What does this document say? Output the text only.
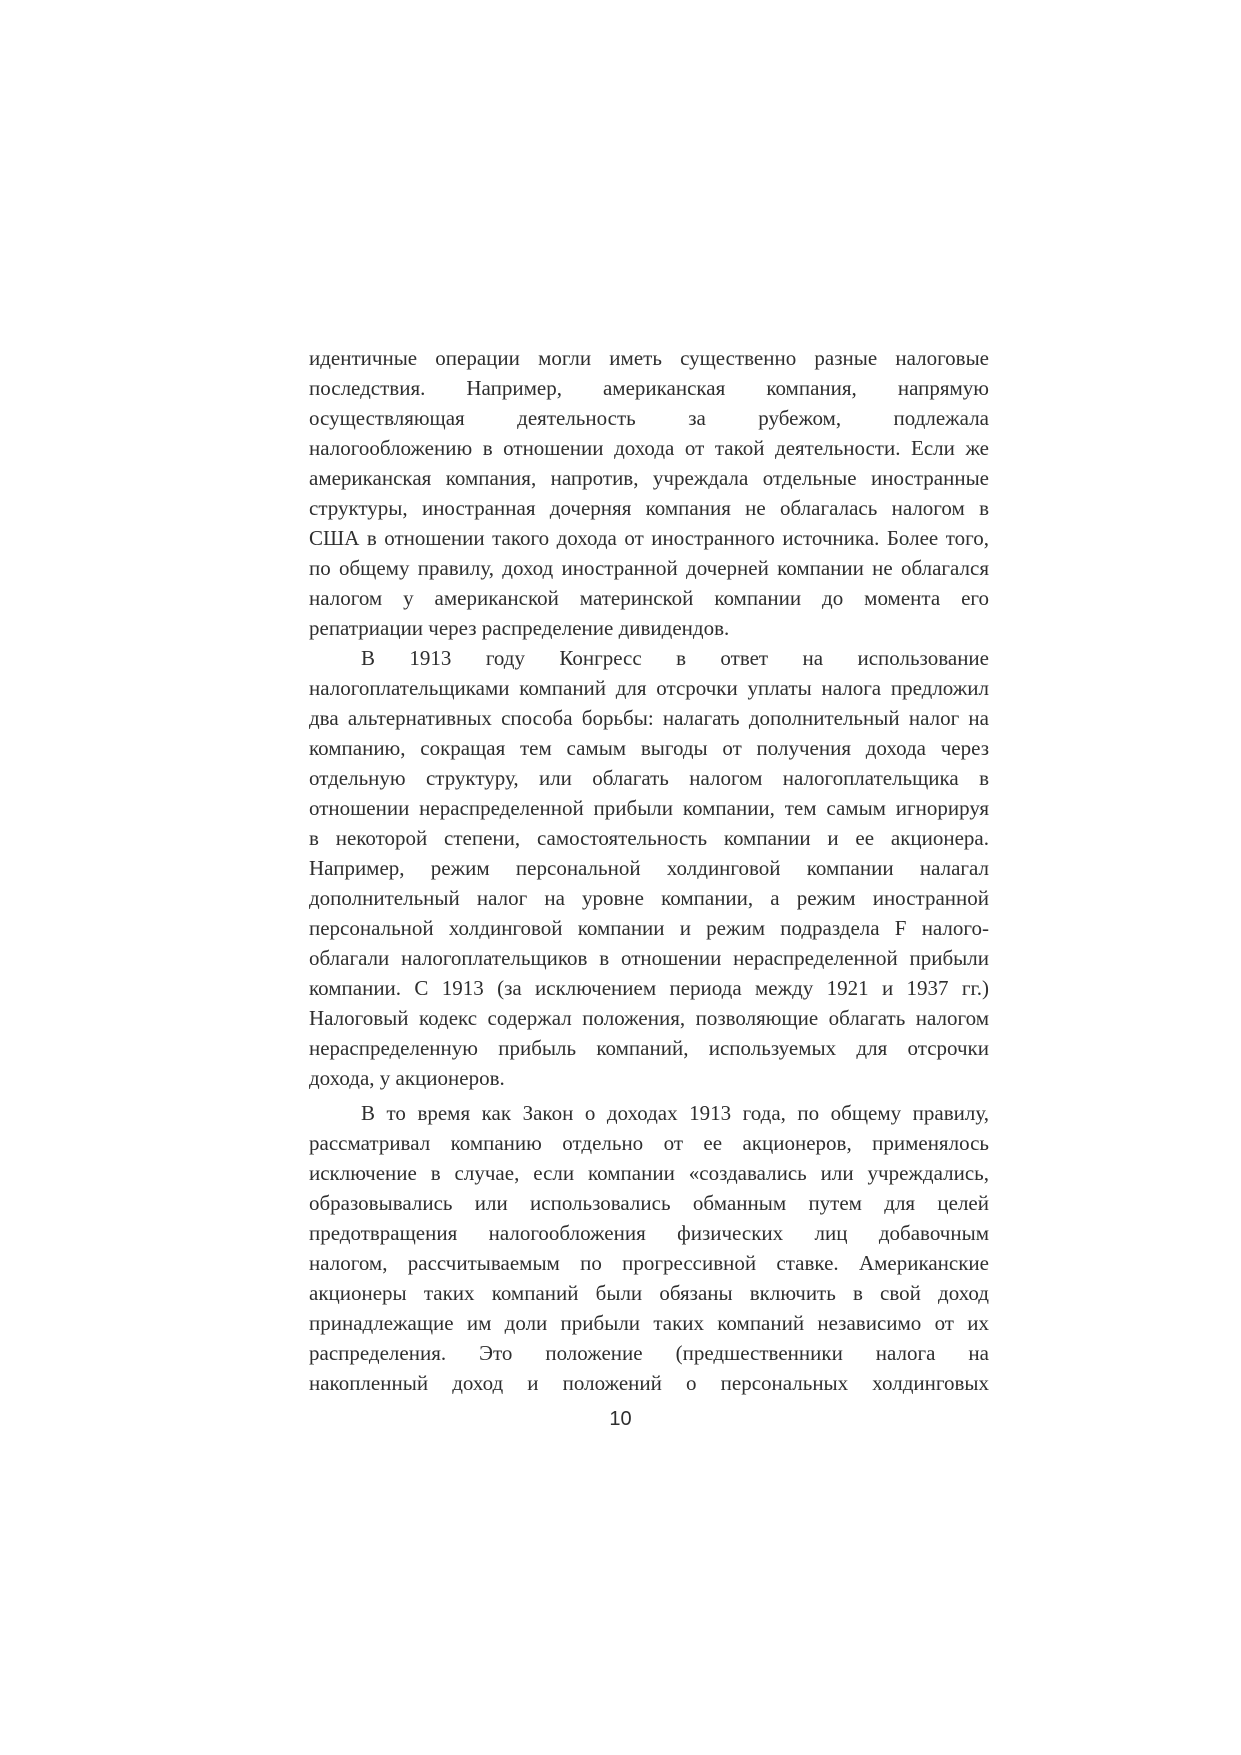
идентичные операции могли иметь существенно разные налоговые
последствия. Например, американская компания, напрямую
осуществляющая деятельность за рубежом, подлежала
налогообложению в отношении дохода от такой деятельности. Если же
американская компания, напротив, учреждала отдельные иностранные
структуры, иностранная дочерняя компания не облагалась налогом в
США в отношении такого дохода от иностранного источника. Более того,
по общему правилу, доход иностранной дочерней компании не облагался
налогом у американской материнской компании до момента его
репатриации через распределение дивидендов.
В 1913 году Конгресс в ответ на использование
налогоплательщиками компаний для отсрочки уплаты налога предложил
два альтернативных способа борьбы: налагать дополнительный налог на
компанию, сокращая тем самым выгоды от получения дохода через
отдельную структуру, или облагать налогом налогоплательщика в
отношении нераспределенной прибыли компании, тем самым игнорируя
в некоторой степени, самостоятельность компании и ее акционера.
Например, режим персональной холдинговой компании налагал
дополнительный налог на уровне компании, а режим иностранной
персональной холдинговой компании и режим подраздела F налого-
облагали налогоплательщиков в отношении нераспределенной прибыли
компании. С 1913 (за исключением периода между 1921 и 1937 гг.)
Налоговый кодекс содержал положения, позволяющие облагать налогом
нераспределенную прибыль компаний, используемых для отсрочки
дохода, у акционеров.
В то время как Закон о доходах 1913 года, по общему правилу,
рассматривал компанию отдельно от ее акционеров, применялось
исключение в случае, если компании «создавались или учреждались,
образовывались или использовались обманным путем для целей
предотвращения налогообложения физических лиц добавочным
налогом, рассчитываемым по прогрессивной ставке. Американские
акционеры таких компаний были обязаны включить в свой доход
принадлежащие им доли прибыли таких компаний независимо от их
распределения. Это положение (предшественники налога на
накопленный доход и положений о персональных холдинговых
10
